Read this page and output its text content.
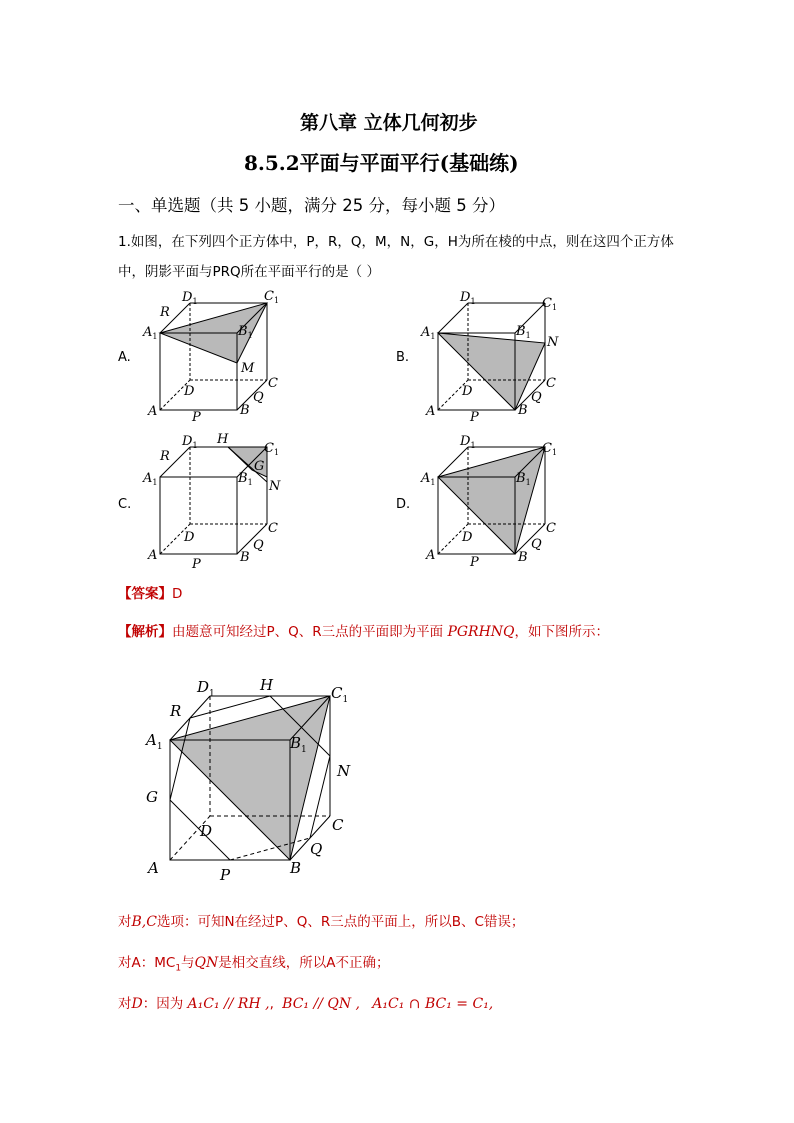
第八章 立体几何初步
8.5.2平面与平面平行(基础练)
一、单选题（共 5 小题，满分 25 分，每小题 5 分）
1.如图，在下列四个正方体中，P，R，Q，M，N，G，H为所在棱的中点，则在这四个正方体
中，阴影平面与PRQ所在平面平行的是（ ）
A.	B.
C.	D.
$D_1$	$C_1$
R
$A_1$	$B_1$
M
D
C
Q
A	P	B
$D_1$	$C_1$
$A_1$	$B_1$ N
D
C
Q
A	P	B
$D_1$ H
$C_1$
R
G
$A_1$	$B_1$ N
D
C
Q
A
P	B
$D_1$	$C_1$
$A_1$	$B_1$
D
C
Q
A	P	B
【答案】D
【解析】由题意可知经过P、Q、R三点的平面即为平面 PGRHNQ，如下图所示：
$D_1$	H	$C_1$
R
$A_1$	$B_1$
N
G
D	C
Q
A	P	B
对B,C选项：可知N在经过P、Q、R三点的平面上，所以B、C错误；
对A：$MC_1$与QN是相交直线，所以A不正确；
对D：因为 A₁C₁ // RH ,, BC₁ // QN , A₁C₁ ∩ BC₁ = C₁,
